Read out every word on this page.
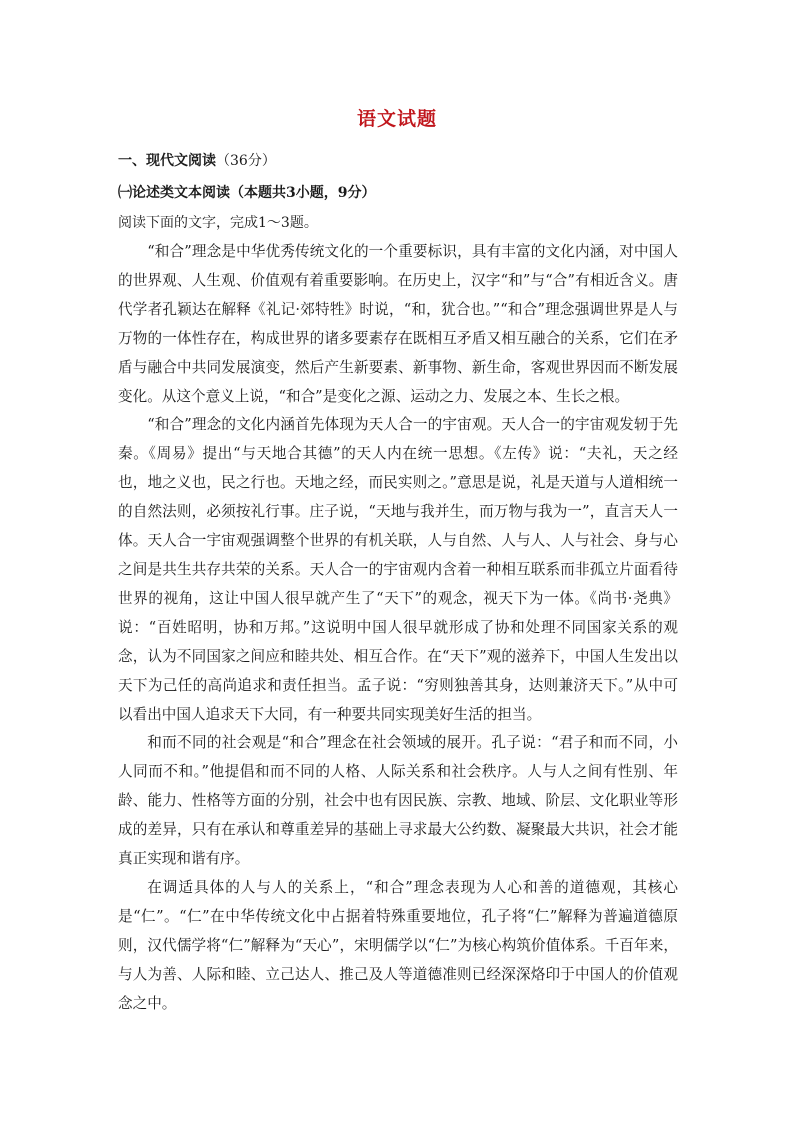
语文试题
一、现代文阅读（36分）
㈠论述类文本阅读（本题共3小题，9分）
阅读下面的文字，完成1～3题。

“和合”理念是中华优秀传统文化的一个重要标识，具有丰富的文化内涵，对中国人的世界观、人生观、价值观有着重要影响。在历史上，汉字“和”与“合”有相近含义。唐代学者孔颖达在解释《礼记·郊特牲》时说，“和，犹合也。”“和合”理念强调世界是人与万物的一体性存在，构成世界的诸多要素存在既相互矛盾又相互融合的关系，它们在矛盾与融合中共同发展演变，然后产生新要素、新事物、新生命，客观世界因而不断发展变化。从这个意义上说，“和合”是变化之源、运动之力、发展之本、生长之根。

“和合”理念的文化内涵首先体现为天人合一的宇宙观。天人合一的宇宙观发轫于先秦。《周易》提出“与天地合其德”的天人内在统一思想。《左传》说：“夫礼，天之经也，地之义也，民之行也。天地之经，而民实则之。”意思是说，礼是天道与人道相统一的自然法则，必须按礼行事。庄子说，“天地与我并生，而万物与我为一”，直言天人一体。天人合一宇宙观强调整个世界的有机关联，人与自然、人与人、人与社会、身与心之间是共生共存共荣的关系。天人合一的宇宙观内含着一种相互联系而非孤立片面看待世界的视角，这让中国人很早就产生了“天下”的观念，视天下为一体。《尚书·尧典》说：“百姓昭明，协和万邦。”这说明中国人很早就形成了协和处理不同国家关系的观念，认为不同国家之间应和睦共处、相互合作。在“天下”观的滋养下，中国人生发出以天下为己任的高尚追求和责任担当。孟子说：“穷则独善其身，达则兼济天下。”从中可以看出中国人追求天下大同，有一种要共同实现美好生活的担当。

和而不同的社会观是“和合”理念在社会领域的展开。孔子说：“君子和而不同，小人同而不和。”他提倡和而不同的人格、人际关系和社会秩序。人与人之间有性别、年龄、能力、性格等方面的分别，社会中也有因民族、宗教、地域、阶层、文化职业等形成的差异，只有在承认和尊重差异的基础上寻求最大公约数、凝聚最大共识，社会才能真正实现和谐有序。

在调适具体的人与人的关系上，“和合”理念表现为人心和善的道德观，其核心是“仁”。“仁”在中华传统文化中占据着特殊重要地位，孔子将“仁”解释为普遍道德原则，汉代儒学将“仁”解释为“天心”，宋明儒学以“仁”为核心构筑价值体系。千百年来，与人为善、人际和睦、立己达人、推己及人等道德准则已经深深烙印于中国人的价值观念之中。
